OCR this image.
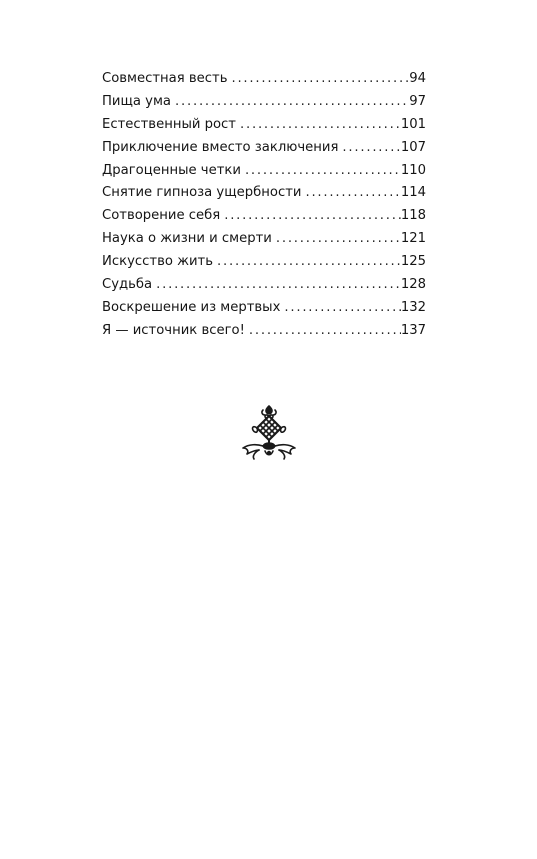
Совместная весть . . .	94
Пища ума . . .	97
Естественный рост . . .	101
Приключение вместо заключения . . .	107
Драгоценные четки . . .	110
Снятие гипноза ущербности . . .	114
Сотворение себя . . .	118
Наука о жизни и смерти . . .	121
Искусство жить . . .	125
Судьба . . .	128
Воскрешение из мертвых . . .	132
Я — источник всего! . . .	137
